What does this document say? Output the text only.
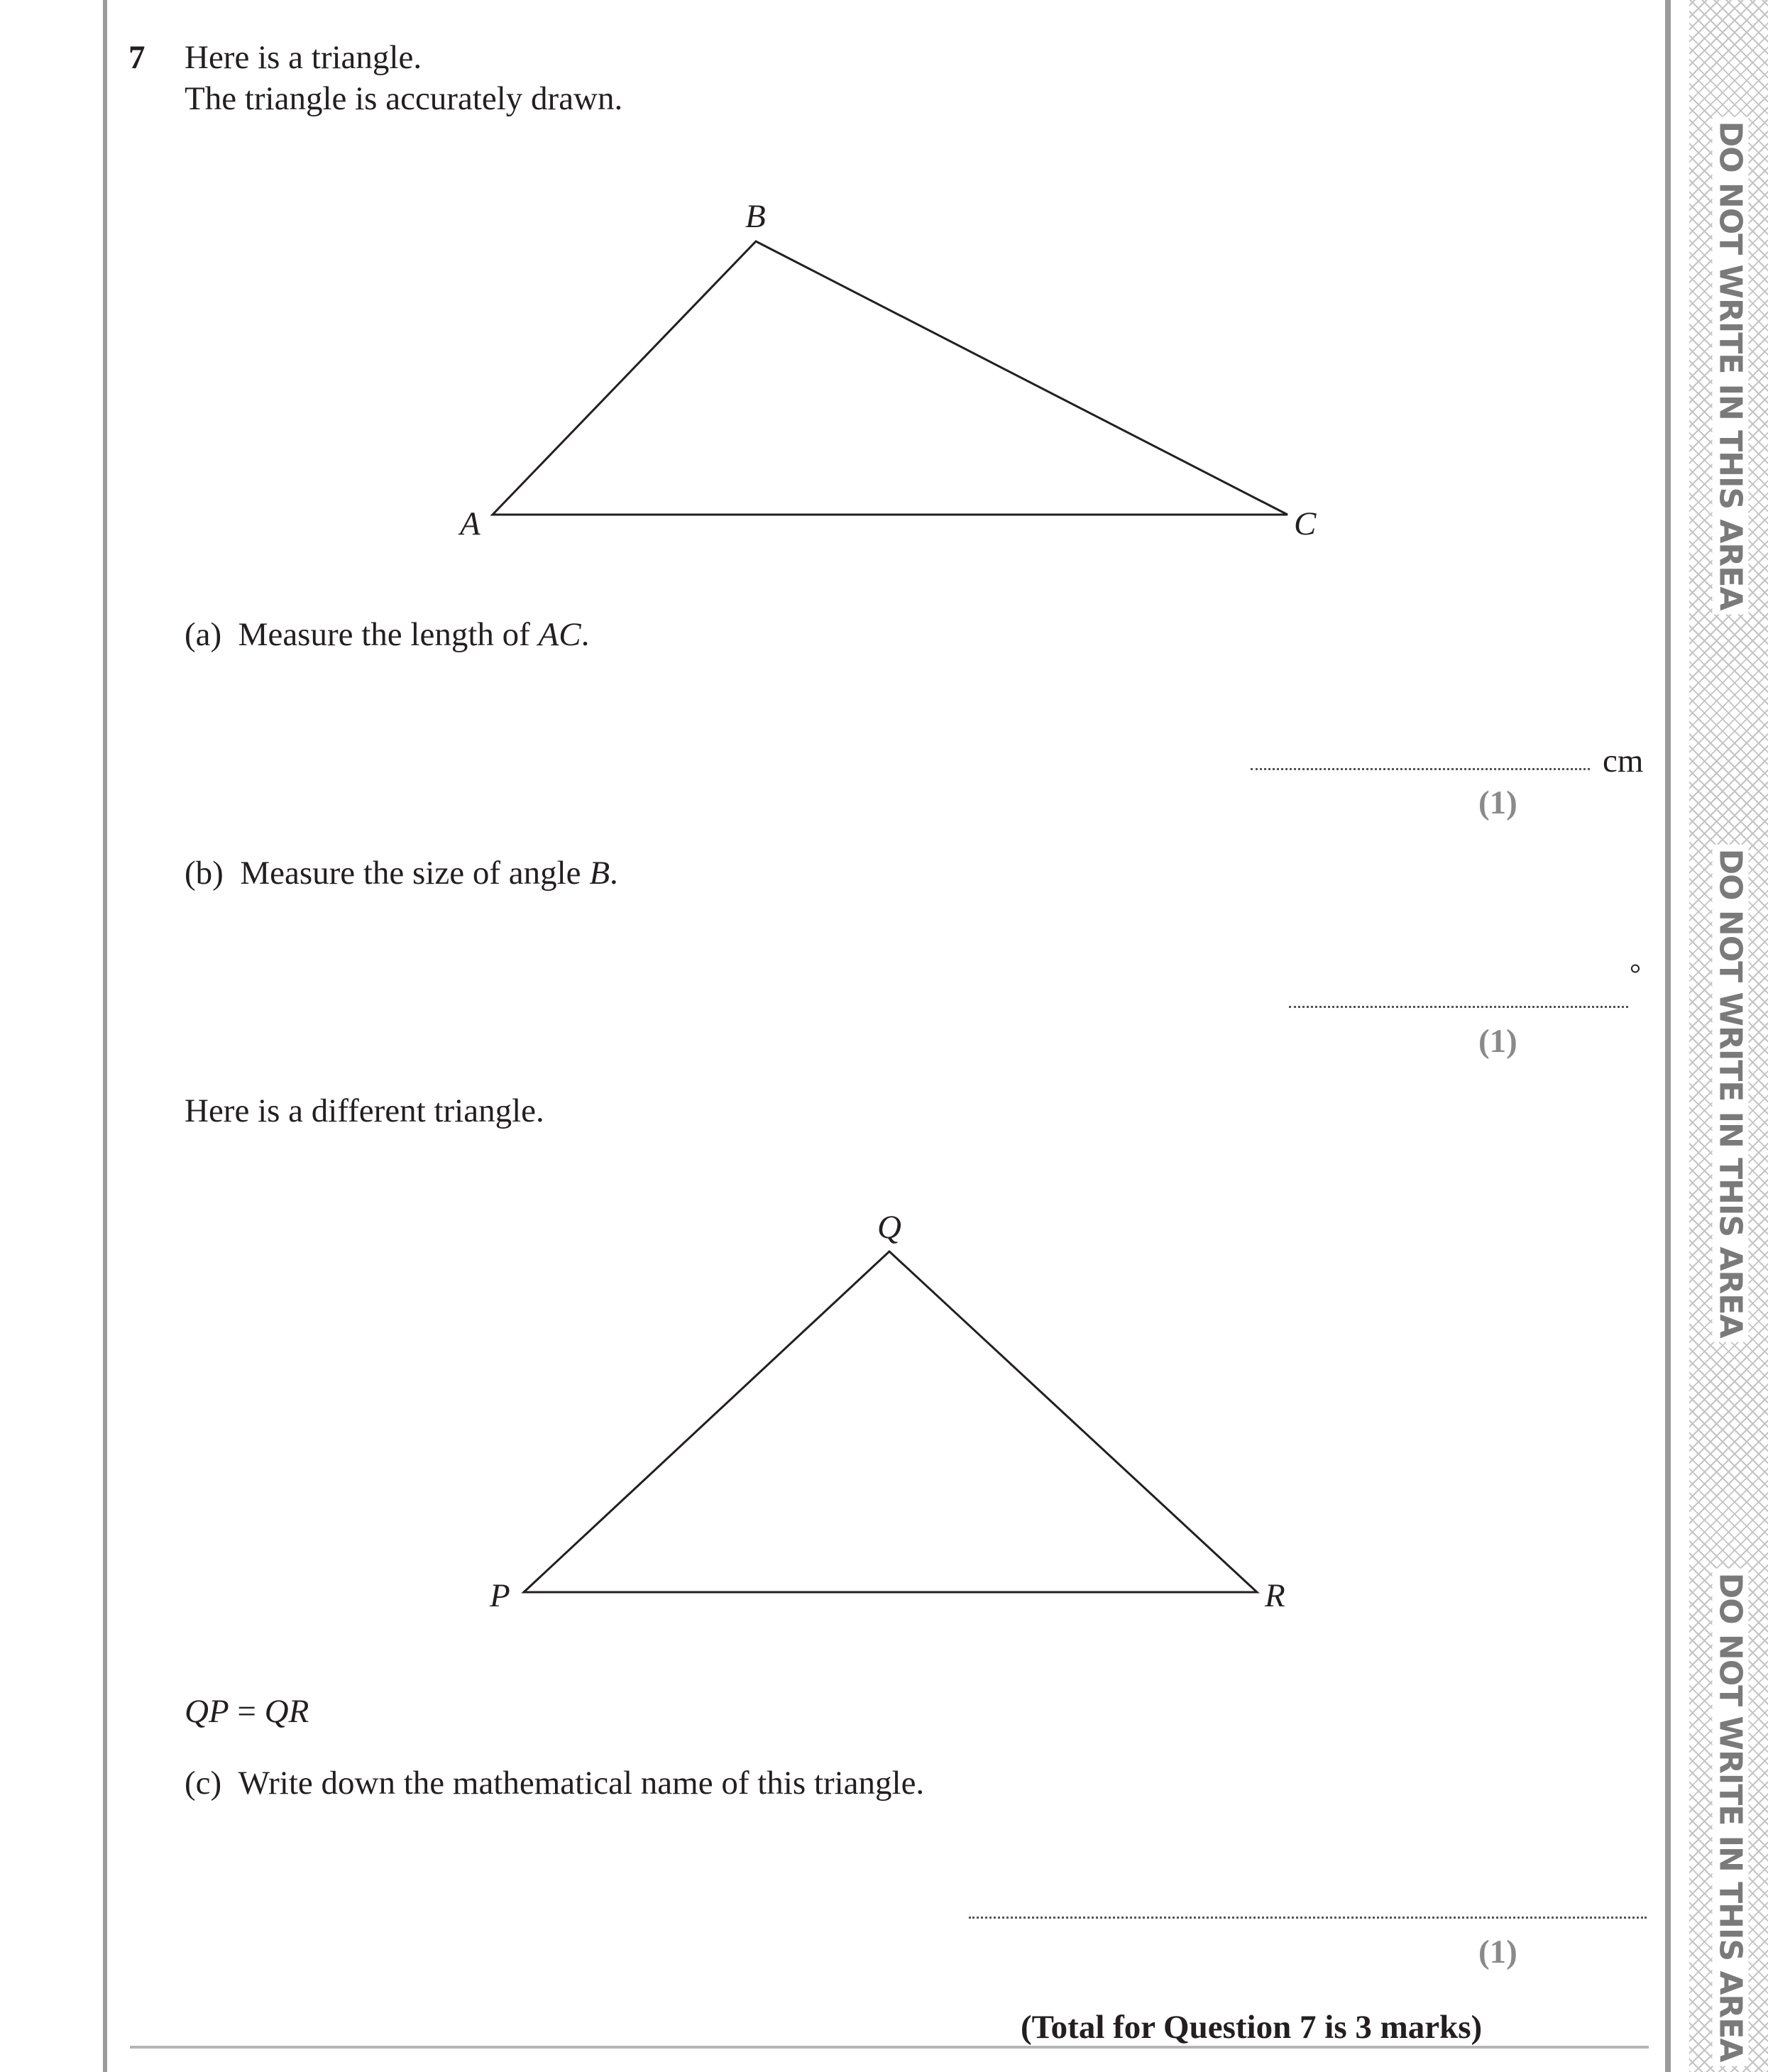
DO NOT WRITE IN THIS AREA
DO NOT WRITE IN THIS AREA
DO NOT WRITE IN THIS AREA
7 Here is a triangle.
The triangle is accurately drawn.
B
A	C
(a) Measure the length of AC.
cm
(1)
(b) Measure the size of angle B.
°
(1)
Here is a different triangle.
Q
P	R
QP = QR
(c) Write down the mathematical name of this triangle.
(1)
(Total for Question 7 is 3 marks)
